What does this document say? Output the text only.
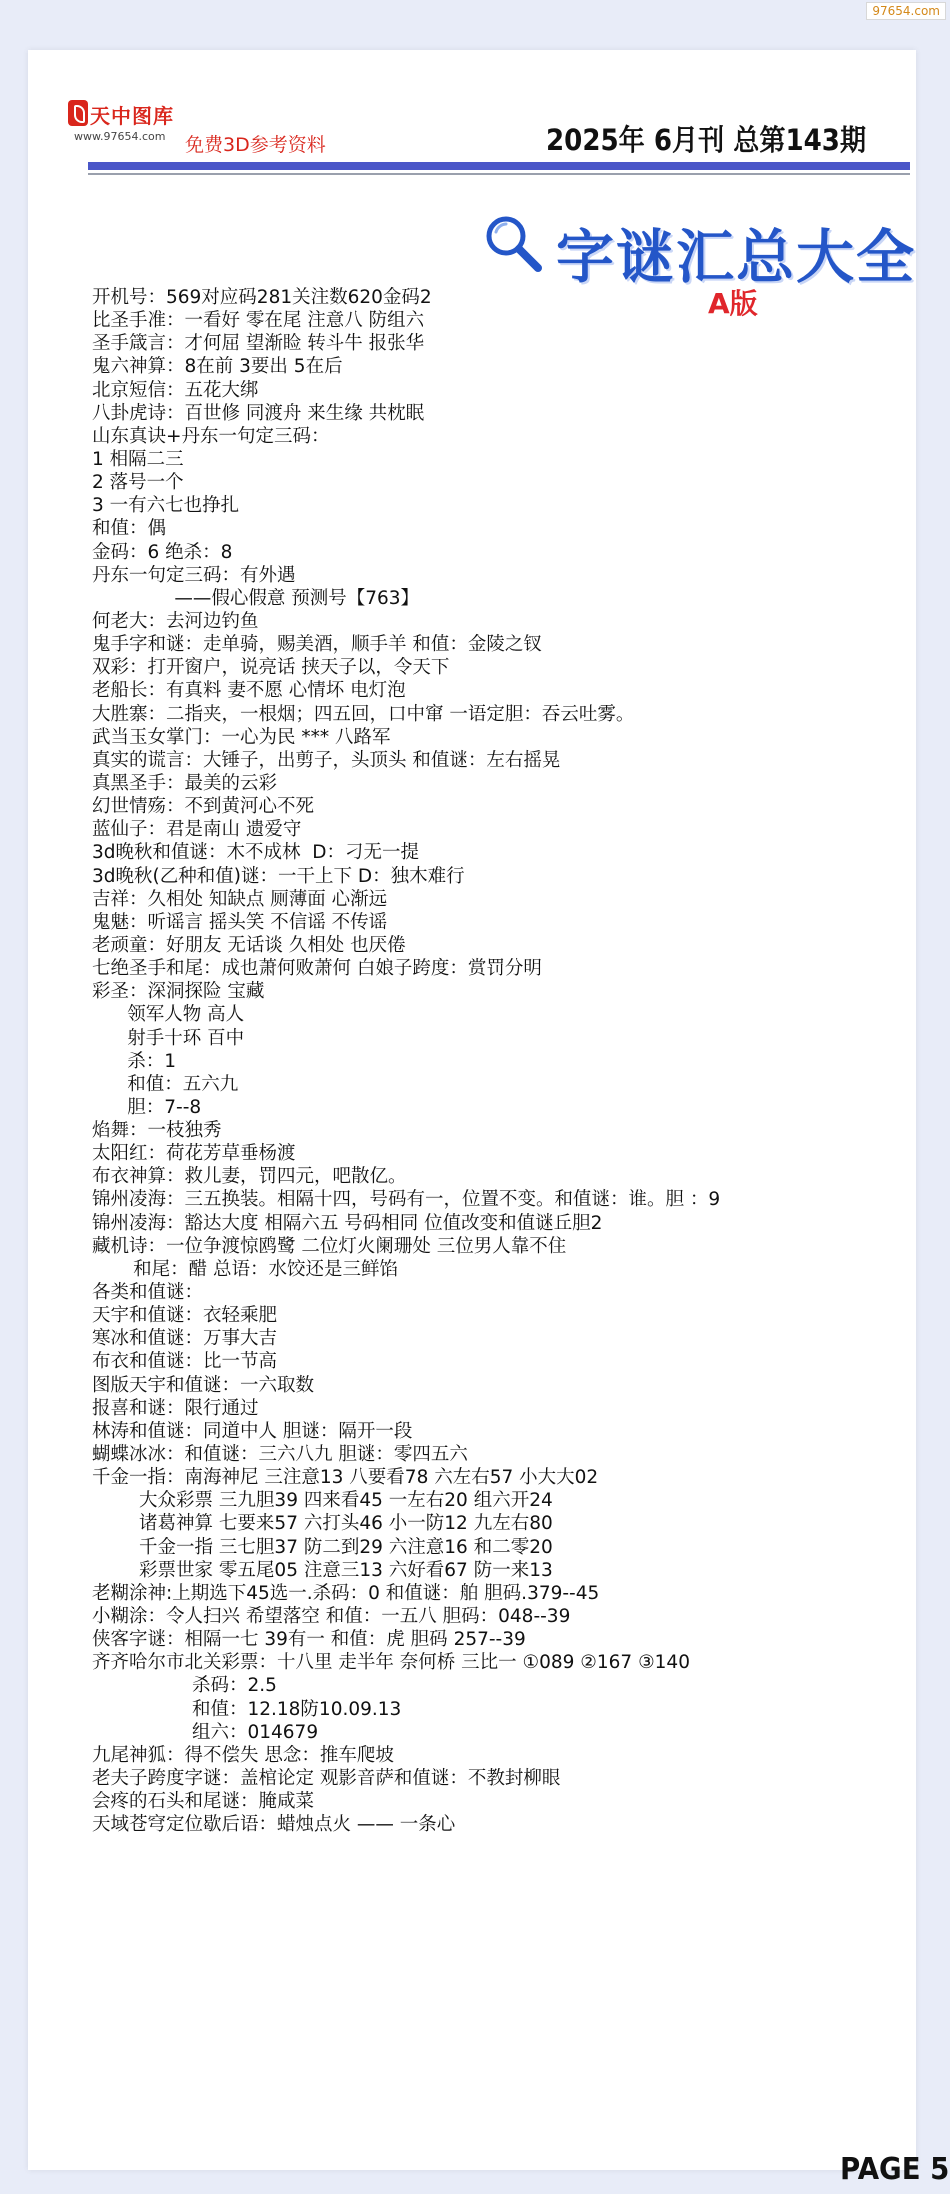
97654.com
天中图库
www.97654.com 免费3D参考资料	2025年 6月刊 总第143期
字谜汇总大全
A版
开机号：569对应码281关注数620金码2
比圣手准：一看好 零在尾 注意八 防组六
圣手箴言：才何屈 望渐睑 转斗牛 报张华
鬼六神算：8在前 3要出 5在后
北京短信：五花大绑
八卦虎诗：百世修 同渡舟 来生缘 共枕眠
山东真诀+丹东一句定三码：
1 相隔二三
2 落号一个
3 一有六七也挣扎
和值：偶
金码：6 绝杀：8
丹东一句定三码：有外遇
——假心假意 预测号【763】
何老大：去河边钓鱼
鬼手字和谜：走单骑，赐美酒，顺手羊 和值：金陵之钗
双彩：打开窗户，说亮话 挟天子以，令天下
老船长：有真料 妻不愿 心情坏 电灯泡
大胜寨：二指夹，一根烟；四五回，口中窜 一语定胆：吞云吐雾。
武当玉女掌门：一心为民 *** 八路军
真实的谎言：大锤子，出剪子，头顶头 和值谜：左右摇晃
真黑圣手：最美的云彩
幻世情殇：不到黄河心不死
蓝仙子：君是南山 遗爱守
3d晚秋和值谜：木不成林  D：刁无一提
3d晚秋(乙种和值)谜：一干上下 D：独木难行
吉祥：久相处 知缺点 厕薄面 心渐远
鬼魅：听谣言 摇头笑 不信谣 不传谣
老顽童：好朋友 无话谈 久相处 也厌倦
七绝圣手和尾：成也萧何败萧何 白娘子跨度：赏罚分明
彩圣：深洞探险 宝藏
领军人物 高人
射手十环 百中
杀：1
和值：五六九
胆：7--8
焰舞：一枝独秀
太阳红：荷花芳草垂杨渡
布衣神算：救儿妻，罚四元，吧散亿。
锦州凌海：三五换装。相隔十四，号码有一，位置不变。和值谜：谁。胆 ：9
锦州凌海：豁达大度 相隔六五 号码相同 位值改变和值谜丘胆2
藏机诗：一位争渡惊鸥鹭 二位灯火阑珊处 三位男人靠不住
和尾：醋 总语：水饺还是三鲜馅
各类和值谜：
天宇和值谜：衣轻乘肥
寒冰和值谜：万事大吉
布衣和值谜：比一节高
图版天宇和值谜：一六取数
报喜和谜：限行通过
林涛和值谜：同道中人 胆谜：隔开一段
蝴蝶冰冰：和值谜：三六八九 胆谜：零四五六
千金一指：南海神尼 三注意13 八要看78 六左右57 小大大02
大众彩票 三九胆39 四来看45 一左右20 组六开24
诸葛神算 七要来57 六打头46 小一防12 九左右80
千金一指 三七胆37 防二到29 六注意16 和二零20
彩票世家 零五尾05 注意三13 六好看67 防一来13
老糊涂神:上期选下45选一.杀码：0 和值谜：舶 胆码.379--45
小糊涂：令人扫兴 希望落空 和值：一五八 胆码：048--39
侠客字谜：相隔一七 39有一 和值：虎 胆码 257--39
齐齐哈尔市北关彩票：十八里 走半年 奈何桥 三比一 ①089 ②167 ③140
杀码：2.5
和值：12.18防10.09.13
组六：014679
九尾神狐：得不偿失 思念：推车爬坡
老夫子跨度字谜：盖棺论定 观影音萨和值谜：不教封柳眼
会疼的石头和尾谜：腌咸菜
天域苍穹定位歇后语：蜡烛点火 —— 一条心
PAGE 5
